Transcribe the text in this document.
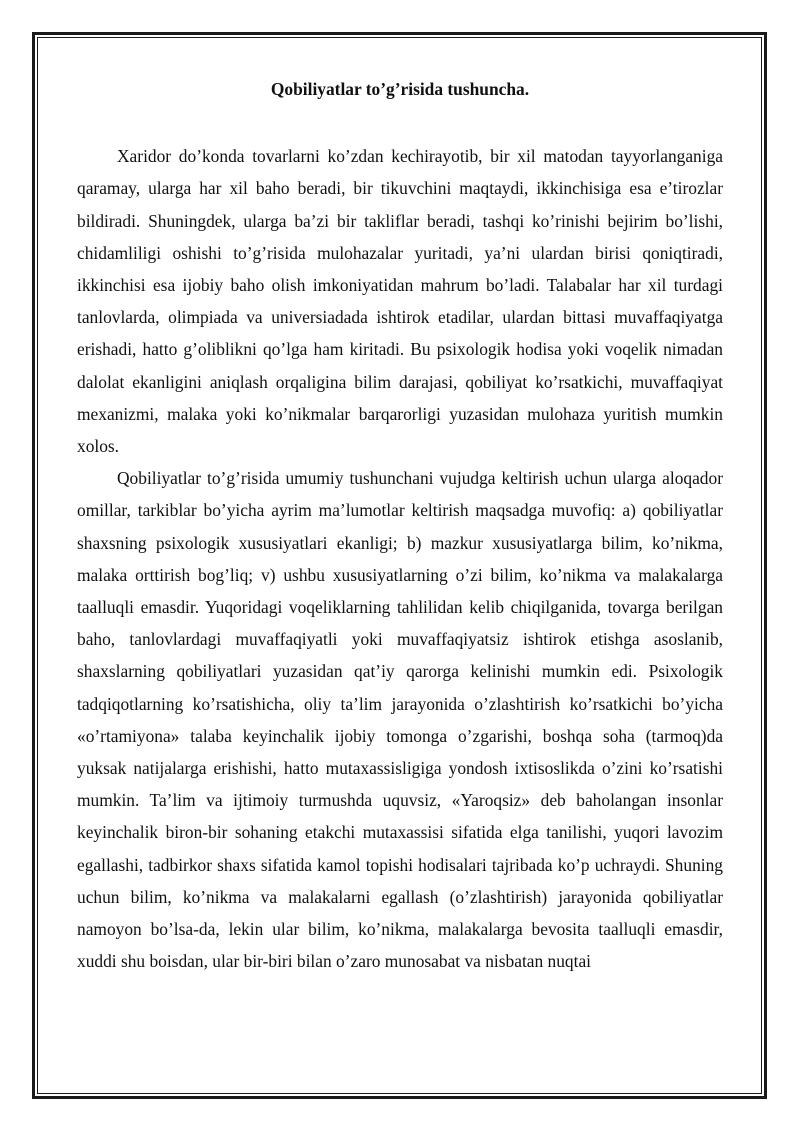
Qobiliyatlar to’g’risida tushuncha.

Xaridor do’konda tovarlarni ko’zdan kechirayotib, bir xil matodan tayyorlanganiga qaramay, ularga har xil baho beradi, bir tikuvchini maqtaydi, ikkinchisiga esa e’tirozlar bildiradi. Shuningdek, ularga ba’zi bir takliflar beradi, tashqi ko’rinishi bejirim bo’lishi, chidamliligi oshishi to’g’risida mulohazalar yuritadi, ya’ni ulardan birisi qoniqtiradi, ikkinchisi esa ijobiy baho olish imkoniyatidan mahrum bo’ladi. Talabalar har xil turdagi tanlovlarda, olimpiada va universiadada ishtirok etadilar, ulardan bittasi muvaffaqiyatga erishadi, hatto g’oliblikni qo’lga ham kiritadi. Bu psixologik hodisa yoki voqelik nimadan dalolat ekanligini aniqlash orqaligina bilim darajasi, qobiliyat ko’rsatkichi, muvaffaqiyat mexanizmi, malaka yoki ko’nikmalar barqarorligi yuzasidan mulohaza yuritish mumkin xolos.

Qobiliyatlar to’g’risida umumiy tushunchani vujudga keltirish uchun ularga aloqador omillar, tarkiblar bo’yicha ayrim ma’lumotlar keltirish maqsadga muvofiq: a) qobiliyatlar shaxsning psixologik xususiyatlari ekanligi; b) mazkur xususiyatlarga bilim, ko’nikma, malaka orttirish bog’liq; v) ushbu xususiyatlarning o’zi bilim, ko’nikma va malakalarga taalluqli emasdir. Yuqoridagi voqeliklarning tahlilidan kelib chiqilganida, tovarga berilgan baho, tanlovlardagi muvaffaqiyatli yoki muvaffaqiyatsiz ishtirok etishga asoslanib, shaxslarning qobiliyatlari yuzasidan qat’iy qarorga kelinishi mumkin edi. Psixologik tadqiqotlarning ko’rsatishicha, oliy ta’lim jarayonida o’zlashtirish ko’rsatkichi bo’yicha «o’rtamiyona» talaba keyinchalik ijobiy tomonga o’zgarishi, boshqa soha (tarmoq)da yuksak natijalarga erishishi, hatto mutaxassisligiga yondosh ixtisoslikda o’zini ko’rsatishi mumkin. Ta’lim va ijtimoiy turmushda uquvsiz, «Yaroqsiz» deb baholangan insonlar keyinchalik biron-bir sohaning etakchi mutaxassisi sifatida elga tanilishi, yuqori lavozim egallashi, tadbirkor shaxs sifatida kamol topishi hodisalari tajribada ko’p uchraydi. Shuning uchun bilim, ko’nikma va malakalarni egallash (o’zlashtirish) jarayonida qobiliyatlar namoyon bo’lsa-da, lekin ular bilim, ko’nikma, malakalarga bevosita taalluqli emasdir, xuddi shu boisdan, ular bir-biri bilan o’zaro munosabat va nisbatan nuqtai
